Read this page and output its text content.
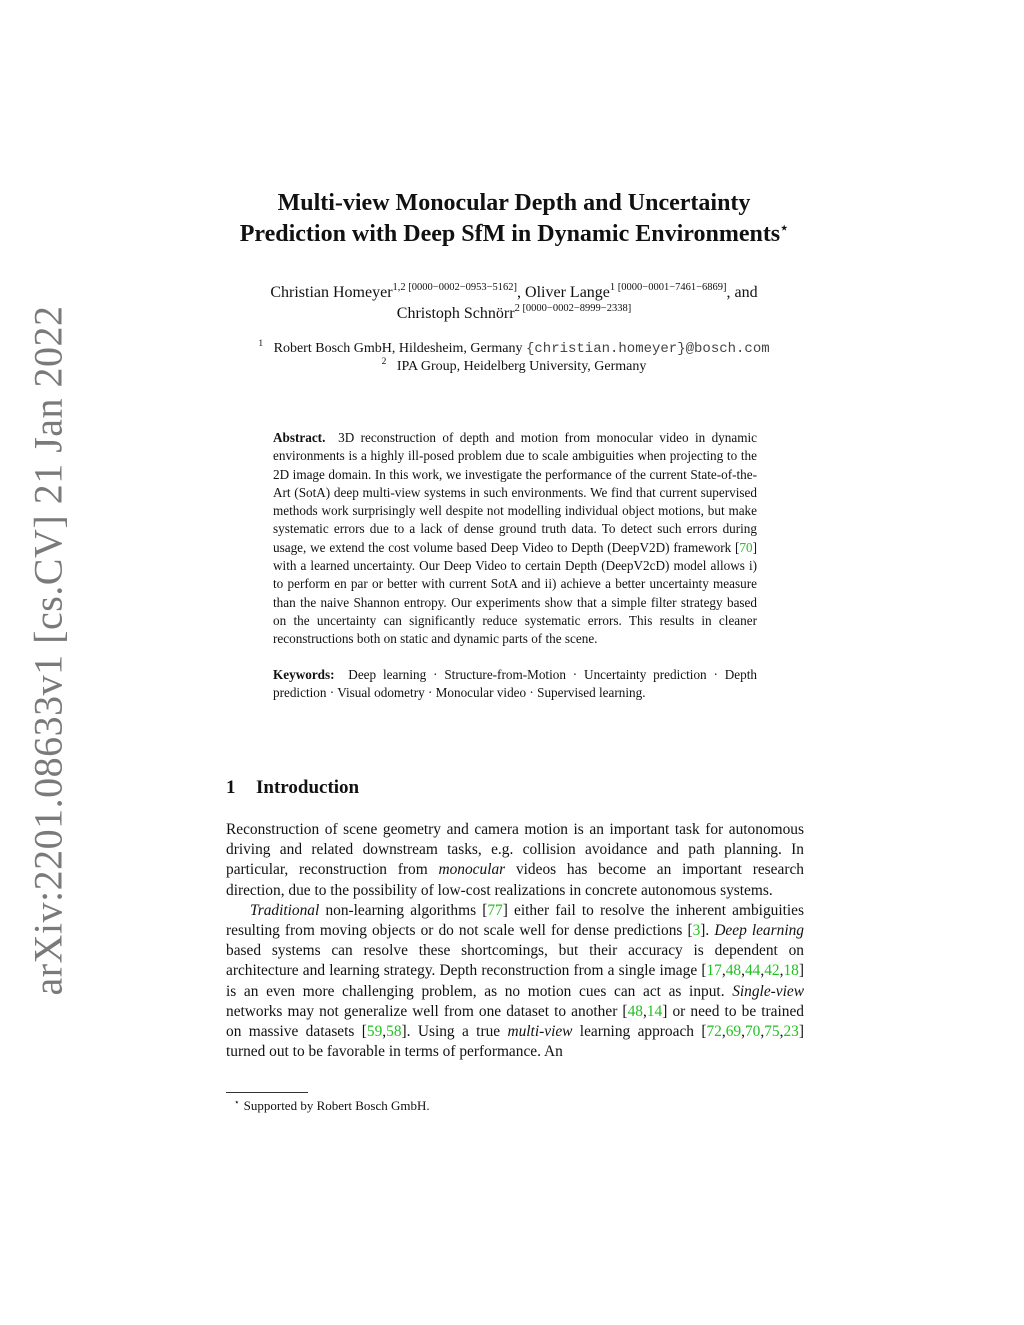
arXiv:2201.08633v1 [cs.CV] 21 Jan 2022
Multi-view Monocular Depth and Uncertainty
Prediction with Deep SfM in Dynamic Environments⋆
Christian Homeyer$^{1,2 [0000-0002-0953-5162]}$, Oliver Lange$^{1 [0000-0001-7461-6869]}$, and
Christoph Schnörr$^{2 [0000-0002-8999-2338]}$
$^1$ Robert Bosch GmbH, Hildesheim, Germany {christian.homeyer}@bosch.com
$^2$ IPA Group, Heidelberg University, Germany

Abstract. 3D reconstruction of depth and motion from monocular video in dynamic environments is a highly ill-posed problem due to scale ambiguities when projecting to the 2D image domain. In this work, we investigate the performance of the current State-of-the-Art (SotA) deep multi-view systems in such environments. We find that current supervised methods work surprisingly well despite not modelling individual object motions, but make systematic errors due to a lack of dense ground truth data. To detect such errors during usage, we extend the cost volume based Deep Video to Depth (DeepV2D) framework [70] with a learned uncertainty. Our Deep Video to certain Depth (DeepV2cD) model allows i) to perform en par or better with current SotA and ii) achieve a better uncertainty measure than the naive Shannon entropy. Our experiments show that a simple filter strategy based on the uncertainty can significantly reduce systematic errors. This results in cleaner reconstructions both on static and dynamic parts of the scene.

Keywords: Deep learning · Structure-from-Motion · Uncertainty prediction · Depth prediction · Visual odometry · Monocular video · Supervised learning.

1 Introduction

Reconstruction of scene geometry and camera motion is an important task for autonomous driving and related downstream tasks, e.g. collision avoidance and path planning. In particular, reconstruction from monocular videos has become an important research direction, due to the possibility of low-cost realizations in concrete autonomous systems.

Traditional non-learning algorithms [77] either fail to resolve the inherent ambiguities resulting from moving objects or do not scale well for dense predictions [3]. Deep learning based systems can resolve these shortcomings, but their accuracy is dependent on architecture and learning strategy. Depth reconstruction from a single image [17,48,44,42,18] is an even more challenging problem, as no motion cues can act as input. Single-view networks may not generalize well from one dataset to another [48,14] or need to be trained on massive datasets [59,58]. Using a true multi-view learning approach [72,69,70,75,23] turned out to be favorable in terms of performance. An

⋆ Supported by Robert Bosch GmbH.
